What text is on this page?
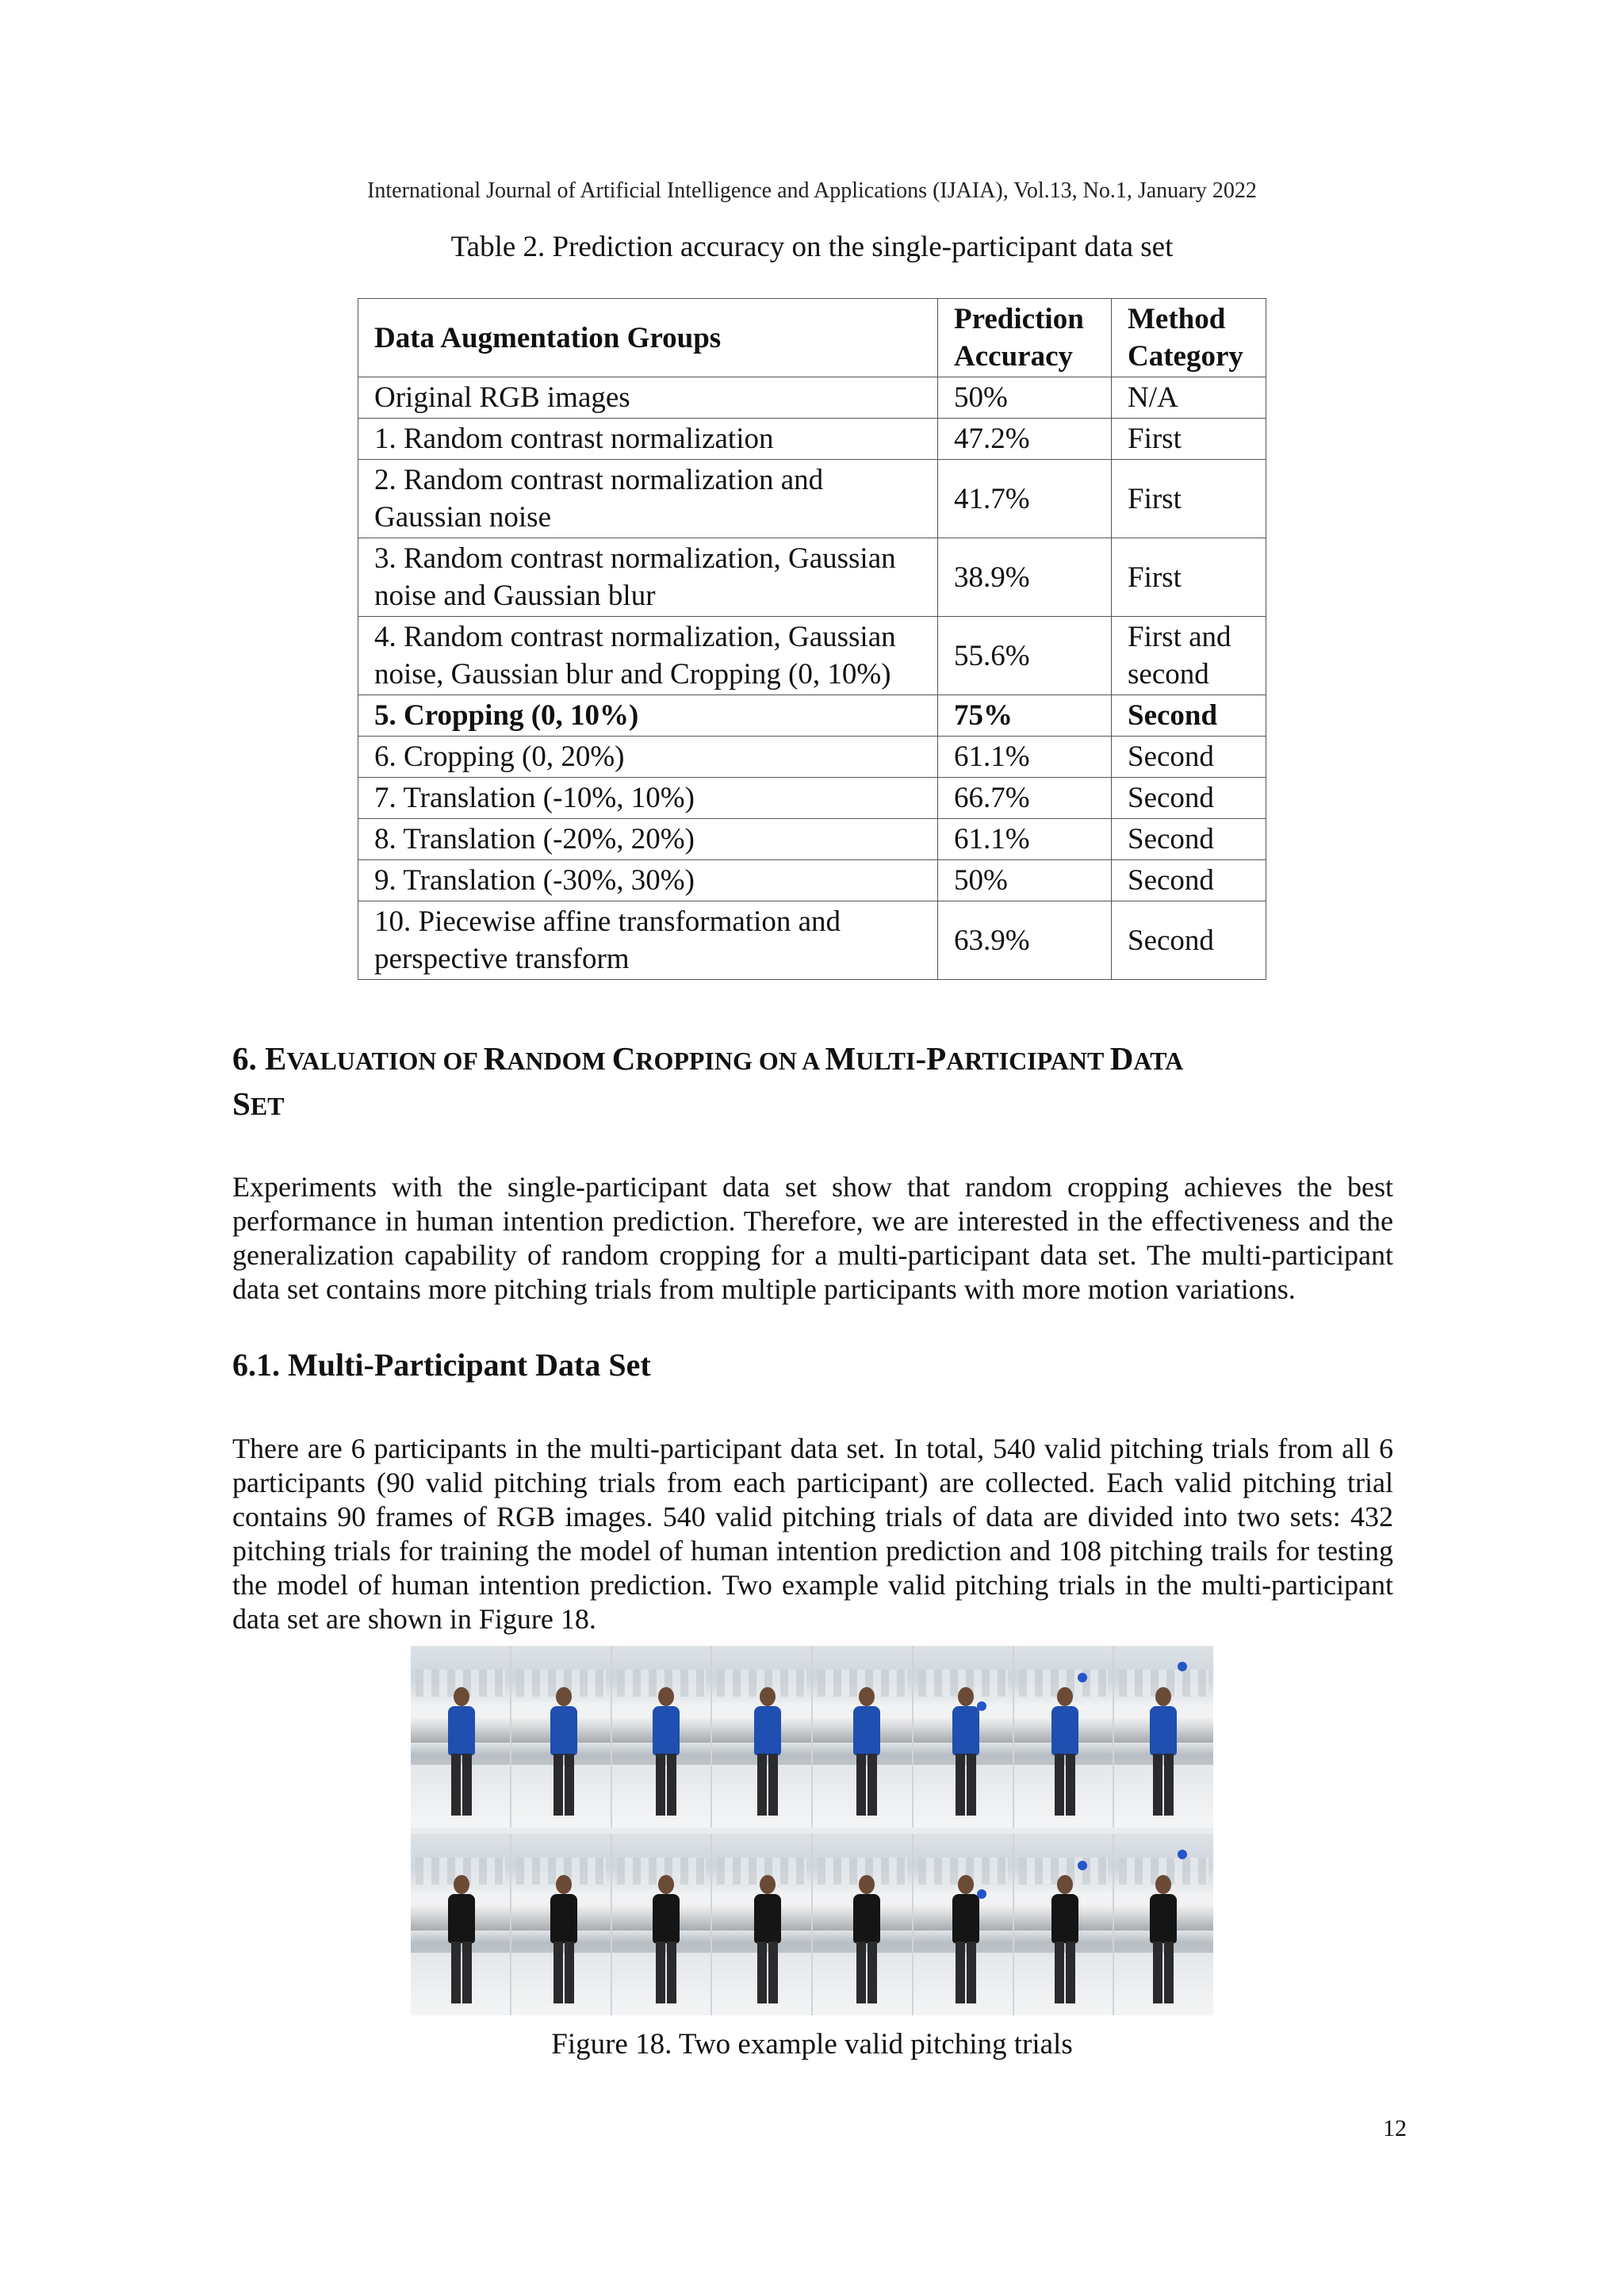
International Journal of Artificial Intelligence and Applications (IJAIA), Vol.13, No.1, January 2022
Table 2. Prediction accuracy on the single-participant data set
Data Augmentation Groups	Prediction Accuracy	Method Category
Original RGB images	50%	N/A
1. Random contrast normalization	47.2%	First
2. Random contrast normalization and Gaussian noise	41.7%	First
3. Random contrast normalization, Gaussian noise and Gaussian blur	38.9%	First
4. Random contrast normalization, Gaussian noise, Gaussian blur and Cropping (0, 10%)	55.6%	First and second
5. Cropping (0, 10%)	75%	Second
6. Cropping (0, 20%)	61.1%	Second
7. Translation (-10%, 10%)	66.7%	Second
8. Translation (-20%, 20%)	61.1%	Second
9. Translation (-30%, 30%)	50%	Second
10. Piecewise affine transformation and perspective transform	63.9%	Second
6. EVALUATION OF RANDOM CROPPING ON A MULTI-PARTICIPANT DATA
SET

Experiments with the single-participant data set show that random cropping achieves the best performance in human intention prediction. Therefore, we are interested in the effectiveness and the generalization capability of random cropping for a multi-participant data set. The multi-participant data set contains more pitching trials from multiple participants with more motion variations.

6.1. Multi-Participant Data Set

There are 6 participants in the multi-participant data set. In total, 540 valid pitching trials from all 6 participants (90 valid pitching trials from each participant) are collected. Each valid pitching trial contains 90 frames of RGB images. 540 valid pitching trials of data are divided into two sets: 432 pitching trials for training the model of human intention prediction and 108 pitching trails for testing the model of human intention prediction. Two example valid pitching trials in the multi-participant data set are shown in Figure 18.

Figure 18. Two example valid pitching trials
12
